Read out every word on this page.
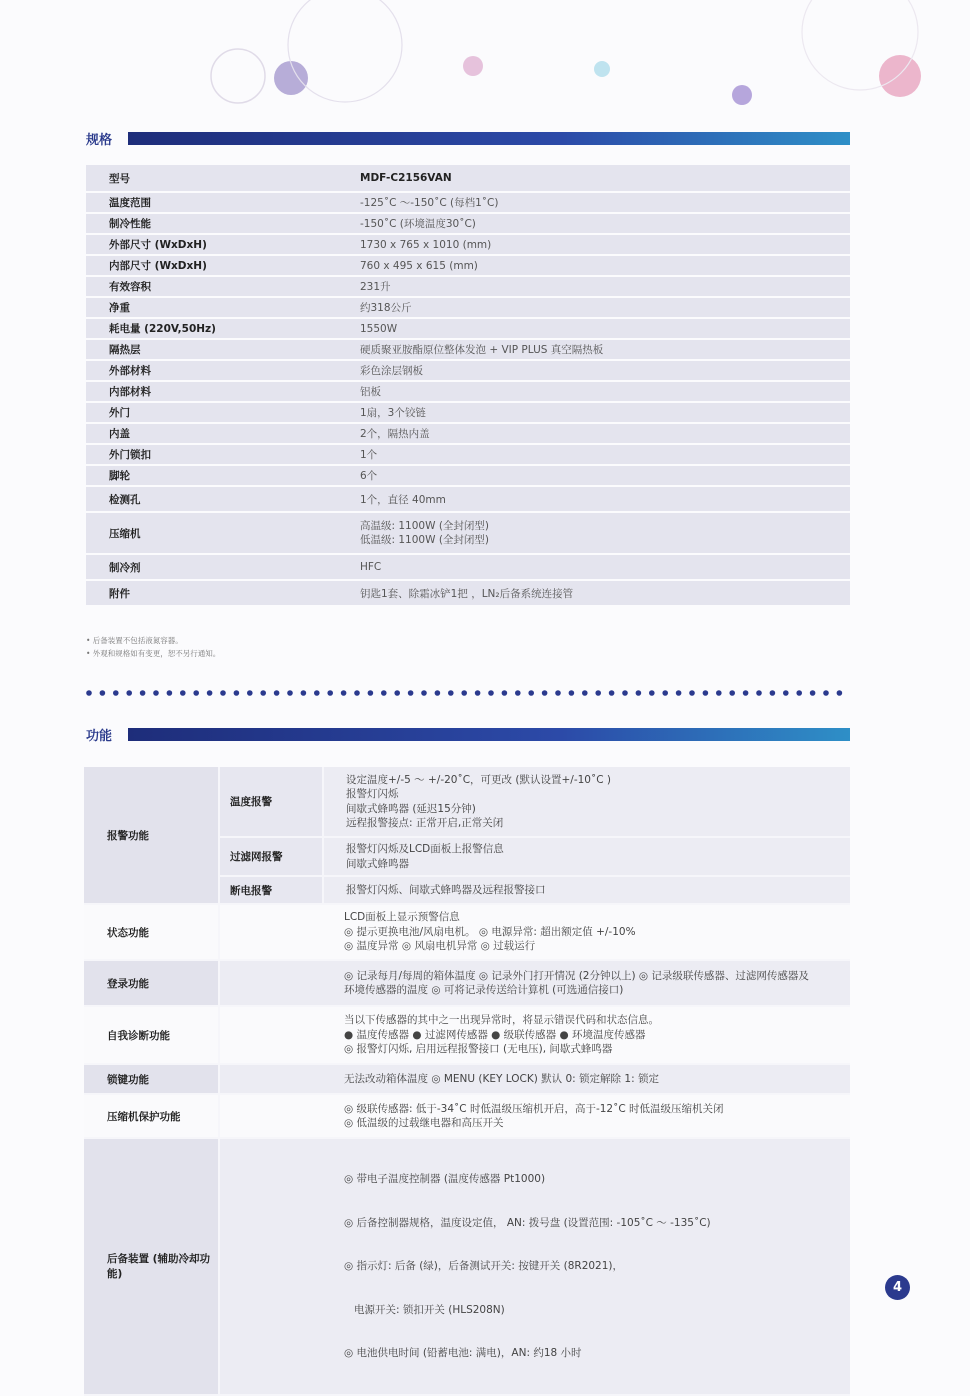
规格
型号	MDF-C2156VAN
温度范围	-125˚C ～-150˚C (每档1˚C)
制冷性能	-150˚C (环境温度30˚C)
外部尺寸 (WxDxH)	1730 x 765 x 1010 (mm)
内部尺寸 (WxDxH)	760 x 495 x 615 (mm)
有效容积	231升
净重	约318公斤
耗电量 (220V,50Hz)	1550W
隔热层	硬质聚亚胺酯原位整体发泡 + VIP PLUS 真空隔热板
外部材料	彩色涂层钢板
内部材料	铝板
外门	1扇，3个铰链
内盖	2个，隔热内盖
外门锁扣	1个
脚轮	6个
检测孔	1个，直径 40mm
压缩机	高温级: 1100W (全封闭型)
低温级: 1100W (全封闭型)

制冷剂	HFC
附件	钥匙1套、除霜冰铲1把 ，LN₂后备系统连接管
• 后备装置不包括液氮容器。
• 外观和规格如有变更，恕不另行通知。
功能
报警功能	温度报警	设定温度+/-5 ～ +/-20˚C，可更改 (默认设置+/-10˚C )
报警灯闪烁
间歇式蜂鸣器 (延迟15分钟)
远程报警接点: 正常开启,正常关闭

	过滤网报警	报警灯闪烁及LCD面板上报警信息
间歇式蜂鸣器

	断电报警	报警灯闪烁、间歇式蜂鸣器及远程报警接口

状态功能	LCD面板上显示预警信息
◎ 提示更换电池/风扇电机。 ◎ 电源异常: 超出额定值 +/-10%
◎ 温度异常 ◎ 风扇电机异常 ◎ 过载运行	

登录功能	◎ 记录每月/每周的箱体温度 ◎ 记录外门打开情况 (2分钟以上) ◎ 记录级联传感器、过滤网传感器及
环境传感器的温度 ◎ 可将记录传送给计算机 (可选通信接口)	

自我诊断功能	当以下传感器的其中之一出现异常时，将显示错误代码和状态信息。
● 温度传感器 ● 过滤网传感器 ● 级联传感器 ● 环境温度传感器
◎ 报警灯闪烁, 启用远程报警接口 (无电压), 间歇式蜂鸣器	

锁键功能	无法改动箱体温度 ◎ MENU (KEY LOCK) 默认 0: 锁定解除 1: 锁定	

压缩机保护功能	◎ 级联传感器: 低于-34˚C 时低温级压缩机开启，高于-12˚C 时低温级压缩机关闭
◎ 低温级的过载继电器和高压开关	

后备装置 (辅助冷却功能)	◎ 带电子温度控制器 (温度传感器 Pt1000)

◎ 后备控制器规格，温度设定值， AN: 拨号盘 (设置范围: -105˚C ～ -135˚C)

◎ 指示灯: 后备 (绿)，后备测试开关: 按键开关 (8R2021)，

电源开关: 锁扣开关 (HLS208N)

◎ 电池供电时间 (铅蓄电池: 满电)，AN: 约18 小时	

4
